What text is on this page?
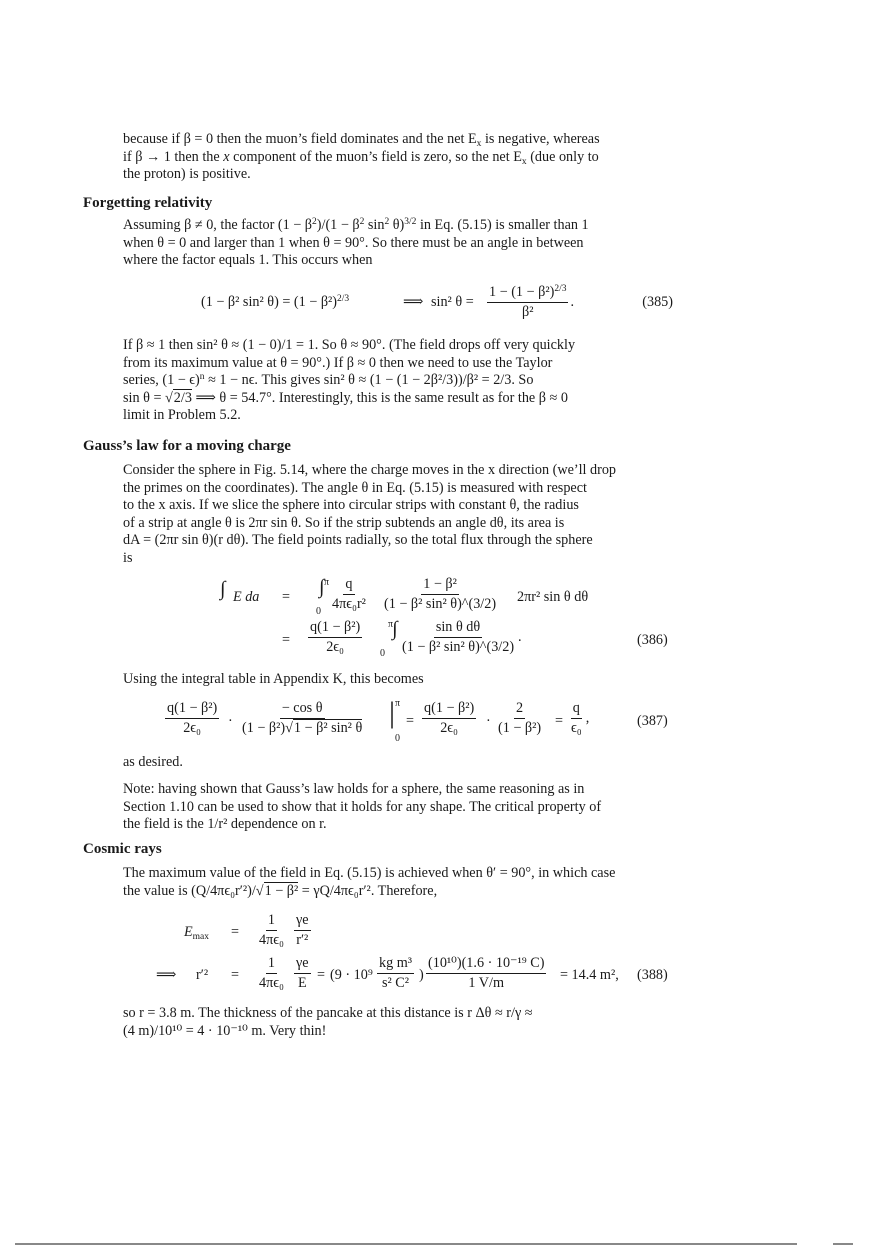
because if β = 0 then the muon’s field dominates and the net $E_x$ is negative, whereas
if β → 1 then the x component of the muon’s field is zero, so the net $E_x$ (due only to
the proton) is positive.
Forgetting relativity
Assuming β ≠ 0, the factor $(1 - \beta^2)/(1 - \beta^2$ $\sin^2 \theta)^{3/2}$ in Eq. (5.15) is smaller than 1
when θ = 0 and larger than 1 when θ = 90°. So there must be an angle in between
where the factor equals 1. This occurs when
(1 − β² sin² $\theta) = (1 - \beta^2)^{2/3}$	⟹ sin² $\theta = \frac{1 - (1 - \beta^2)^{2/3}}{\text{β²}}$ .	(385)
If β ≈ 1 then sin² θ ≈ (1 − 0)/1 = 1. So θ ≈ 90°. (The field drops off very quickly
from its maximum value at θ = 90°.) If β ≈ 0 then we need to use the Taylor
series, $(1 - \epsilon)^n \approx 1 - n\epsilon$. This gives sin² θ ≈ (1 − (1 − 2β²/3))/β² = 2/3. So
sin θ = √2/3 ⟹ θ = 54.7°. Interestingly, this is the same result as for the β ≈ 0
limit in Problem 5.2.
Gauss’s law for a moving charge
Consider the sphere in Fig. 5.14, where the charge moves in the x direction (we’ll drop
the primes on the coordinates). The angle θ in Eq. (5.15) is measured with respect
to the x axis. If we slice the sphere into circular strips with constant θ, the radius
of a strip at angle θ is 2πr sin θ. So if the strip subtends an angle dθ, its area is
dA = (2πr sin θ)(r dθ). The field points radially, so the total flux through the sphere
is
∫ E da = ∫ π
$0 \frac{q}{\text{4πϵ₀r²}} \frac{\text{1 − β²}}{\text{(1 − β² sin² θ)\textasciicircum{}(3/2)}} 2\pi r^2$ sin θ dθ
= $\frac{\text{q(1 − β²)}}{\text{2ϵ₀}}$ ∫
π
$0 \frac{\text{sin θ dθ}}{\text{(1 − β² sin² θ)\textasciicircum{}(3/2)}}$ .	(386)
Using the integral table in Appendix K, this becomes
$\frac{\text{q(1 − β²)}}{\text{2ϵ₀}} \cdot \frac{\text{− cos θ}}{\text{(1 − β²)√1 − β² sin² θ}}$ | π
0
= $\frac{\text{q(1 − β²)}}{\text{2ϵ₀}} \cdot \frac{2}{\text{(1 − β²)}} = \frac{q}{\text{ϵ₀}}$ ,	(387)
as desired.
Note: having shown that Gauss’s law holds for a sphere, the same reasoning as in
Section 1.10 can be used to show that it holds for any shape. The critical property of
the field is the 1/r² dependence on r.
Cosmic rays
The maximum value of the field in Eq. (5.15) is achieved when θ′ = 90°, in which case
the value is (Q/4πϵ₀r′²)/√1 − β² = γQ/4πϵ₀r′². Therefore,
$E_{max} = \frac{1}{\text{4πϵ₀}} \frac{\gamma e}{\text{r′²}}$
⟹ $r'^2 = \frac{1}{\text{4πϵ₀}} \frac{\gamma e}{E} = (9 \cdot 10^9 \frac{\text{kg m³}}{\text{s² C²}}$ ) $\frac{\text{(10¹⁰)(1.6 · 10⁻¹⁹ C)}}{1 V/m} = 14.4$ m², (388)
so r = 3.8 m. The thickness of the pancake at this distance is r Δθ ≈ r/γ ≈
(4 m)/10¹⁰ = 4 · 10⁻¹⁰ m. Very thin!
